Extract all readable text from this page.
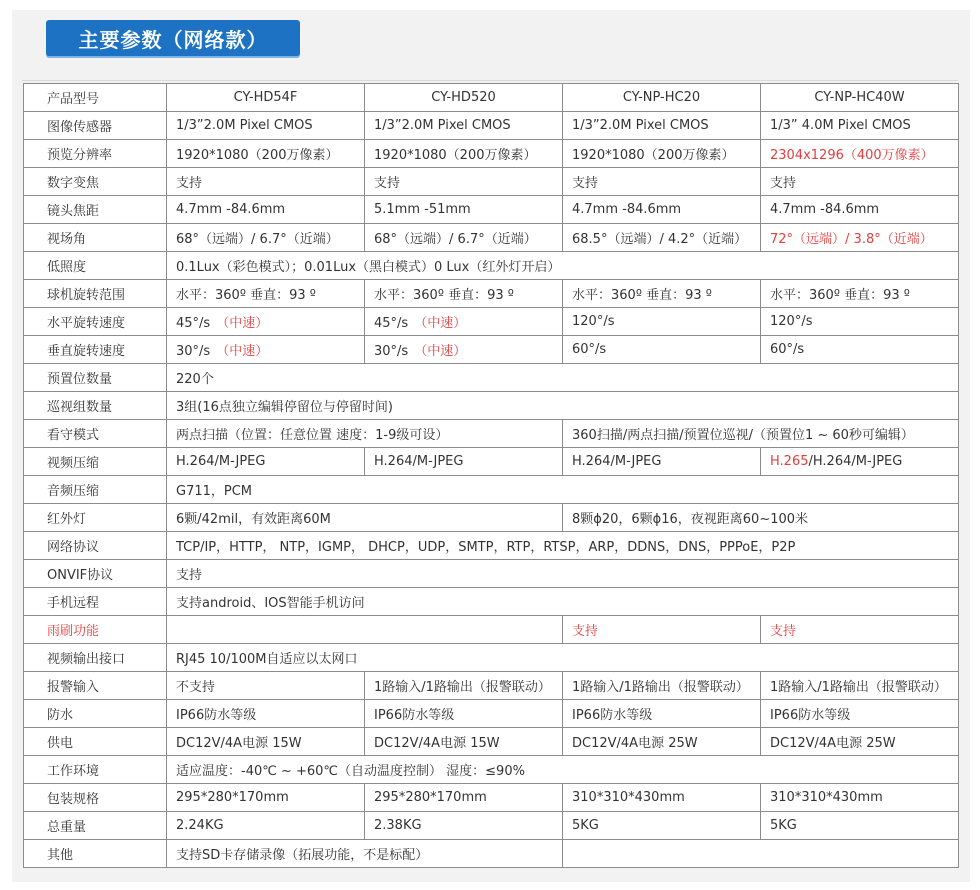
主要参数（网络款）
产品型号	CY-HD54F	CY-HD520	CY-NP-HC20	CY-NP-HC40W
图像传感器	1/3”2.0M Pixel CMOS	1/3”2.0M Pixel CMOS	1/3”2.0M Pixel CMOS	1/3” 4.0M Pixel CMOS
预览分辨率	1920*1080（200万像素）	1920*1080（200万像素）	1920*1080（200万像素）	2304x1296（400万像素）
数字变焦	支持	支持	支持	支持
镜头焦距	4.7mm -84.6mm	5.1mm -51mm	4.7mm -84.6mm	4.7mm -84.6mm
视场角	68°（远端）/ 6.7°（近端）	68°（远端）/ 6.7°（近端）	68.5°（远端）/ 4.2°（近端）	72°（远端）/ 3.8°（近端）
低照度	0.1Lux（彩色模式）；0.01Lux（黑白模式）0 Lux（红外灯开启）			
球机旋转范围	水平：360º 垂直：93 º	水平：360º 垂直：93 º	水平：360º 垂直：93 º	水平：360º 垂直：93 º
水平旋转速度	45°/s （中速）	45°/s （中速）	120°/s	120°/s
垂直旋转速度	30°/s （中速）	30°/s （中速）	60°/s	60°/s
预置位数量	220个			
巡视组数量	3组(16点独立编辑停留位与停留时间)			
看守模式	两点扫描（位置：任意位置 速度：1-9级可设）		360扫描/两点扫描/预置位巡视/（预置位1 ~ 60秒可编辑）	
视频压缩	H.264/M-JPEG	H.264/M-JPEG	H.264/M-JPEG	H.265/H.264/M-JPEG
音频压缩	G711，PCM			
红外灯	6颗/42mil，有效距离60M		8颗ϕ20，6颗ϕ16，夜视距离60~100米	
网络协议	TCP/IP，HTTP， NTP，IGMP， DHCP，UDP，SMTP，RTP，RTSP，ARP，DDNS，DNS，PPPoE，P2P			
ONVIF协议	支持			
手机远程	支持android、IOS智能手机访问			
雨刷功能			支持	支持
视频输出接口	RJ45 10/100M自适应以太网口			
报警输入	不支持	1路输入/1路输出（报警联动）	1路输入/1路输出（报警联动）	1路输入/1路输出（报警联动）
防水	IP66防水等级	IP66防水等级	IP66防水等级	IP66防水等级
供电	DC12V/4A电源 15W	DC12V/4A电源 15W	DC12V/4A电源 25W	DC12V/4A电源 25W
工作环境	适应温度：-40℃ ~ +60℃（自动温度控制） 湿度：≤90%			
包装规格	295*280*170mm	295*280*170mm	310*310*430mm	310*310*430mm
总重量	2.24KG	2.38KG	5KG	5KG
其他	支持SD卡存储录像（拓展功能，不是标配）			
